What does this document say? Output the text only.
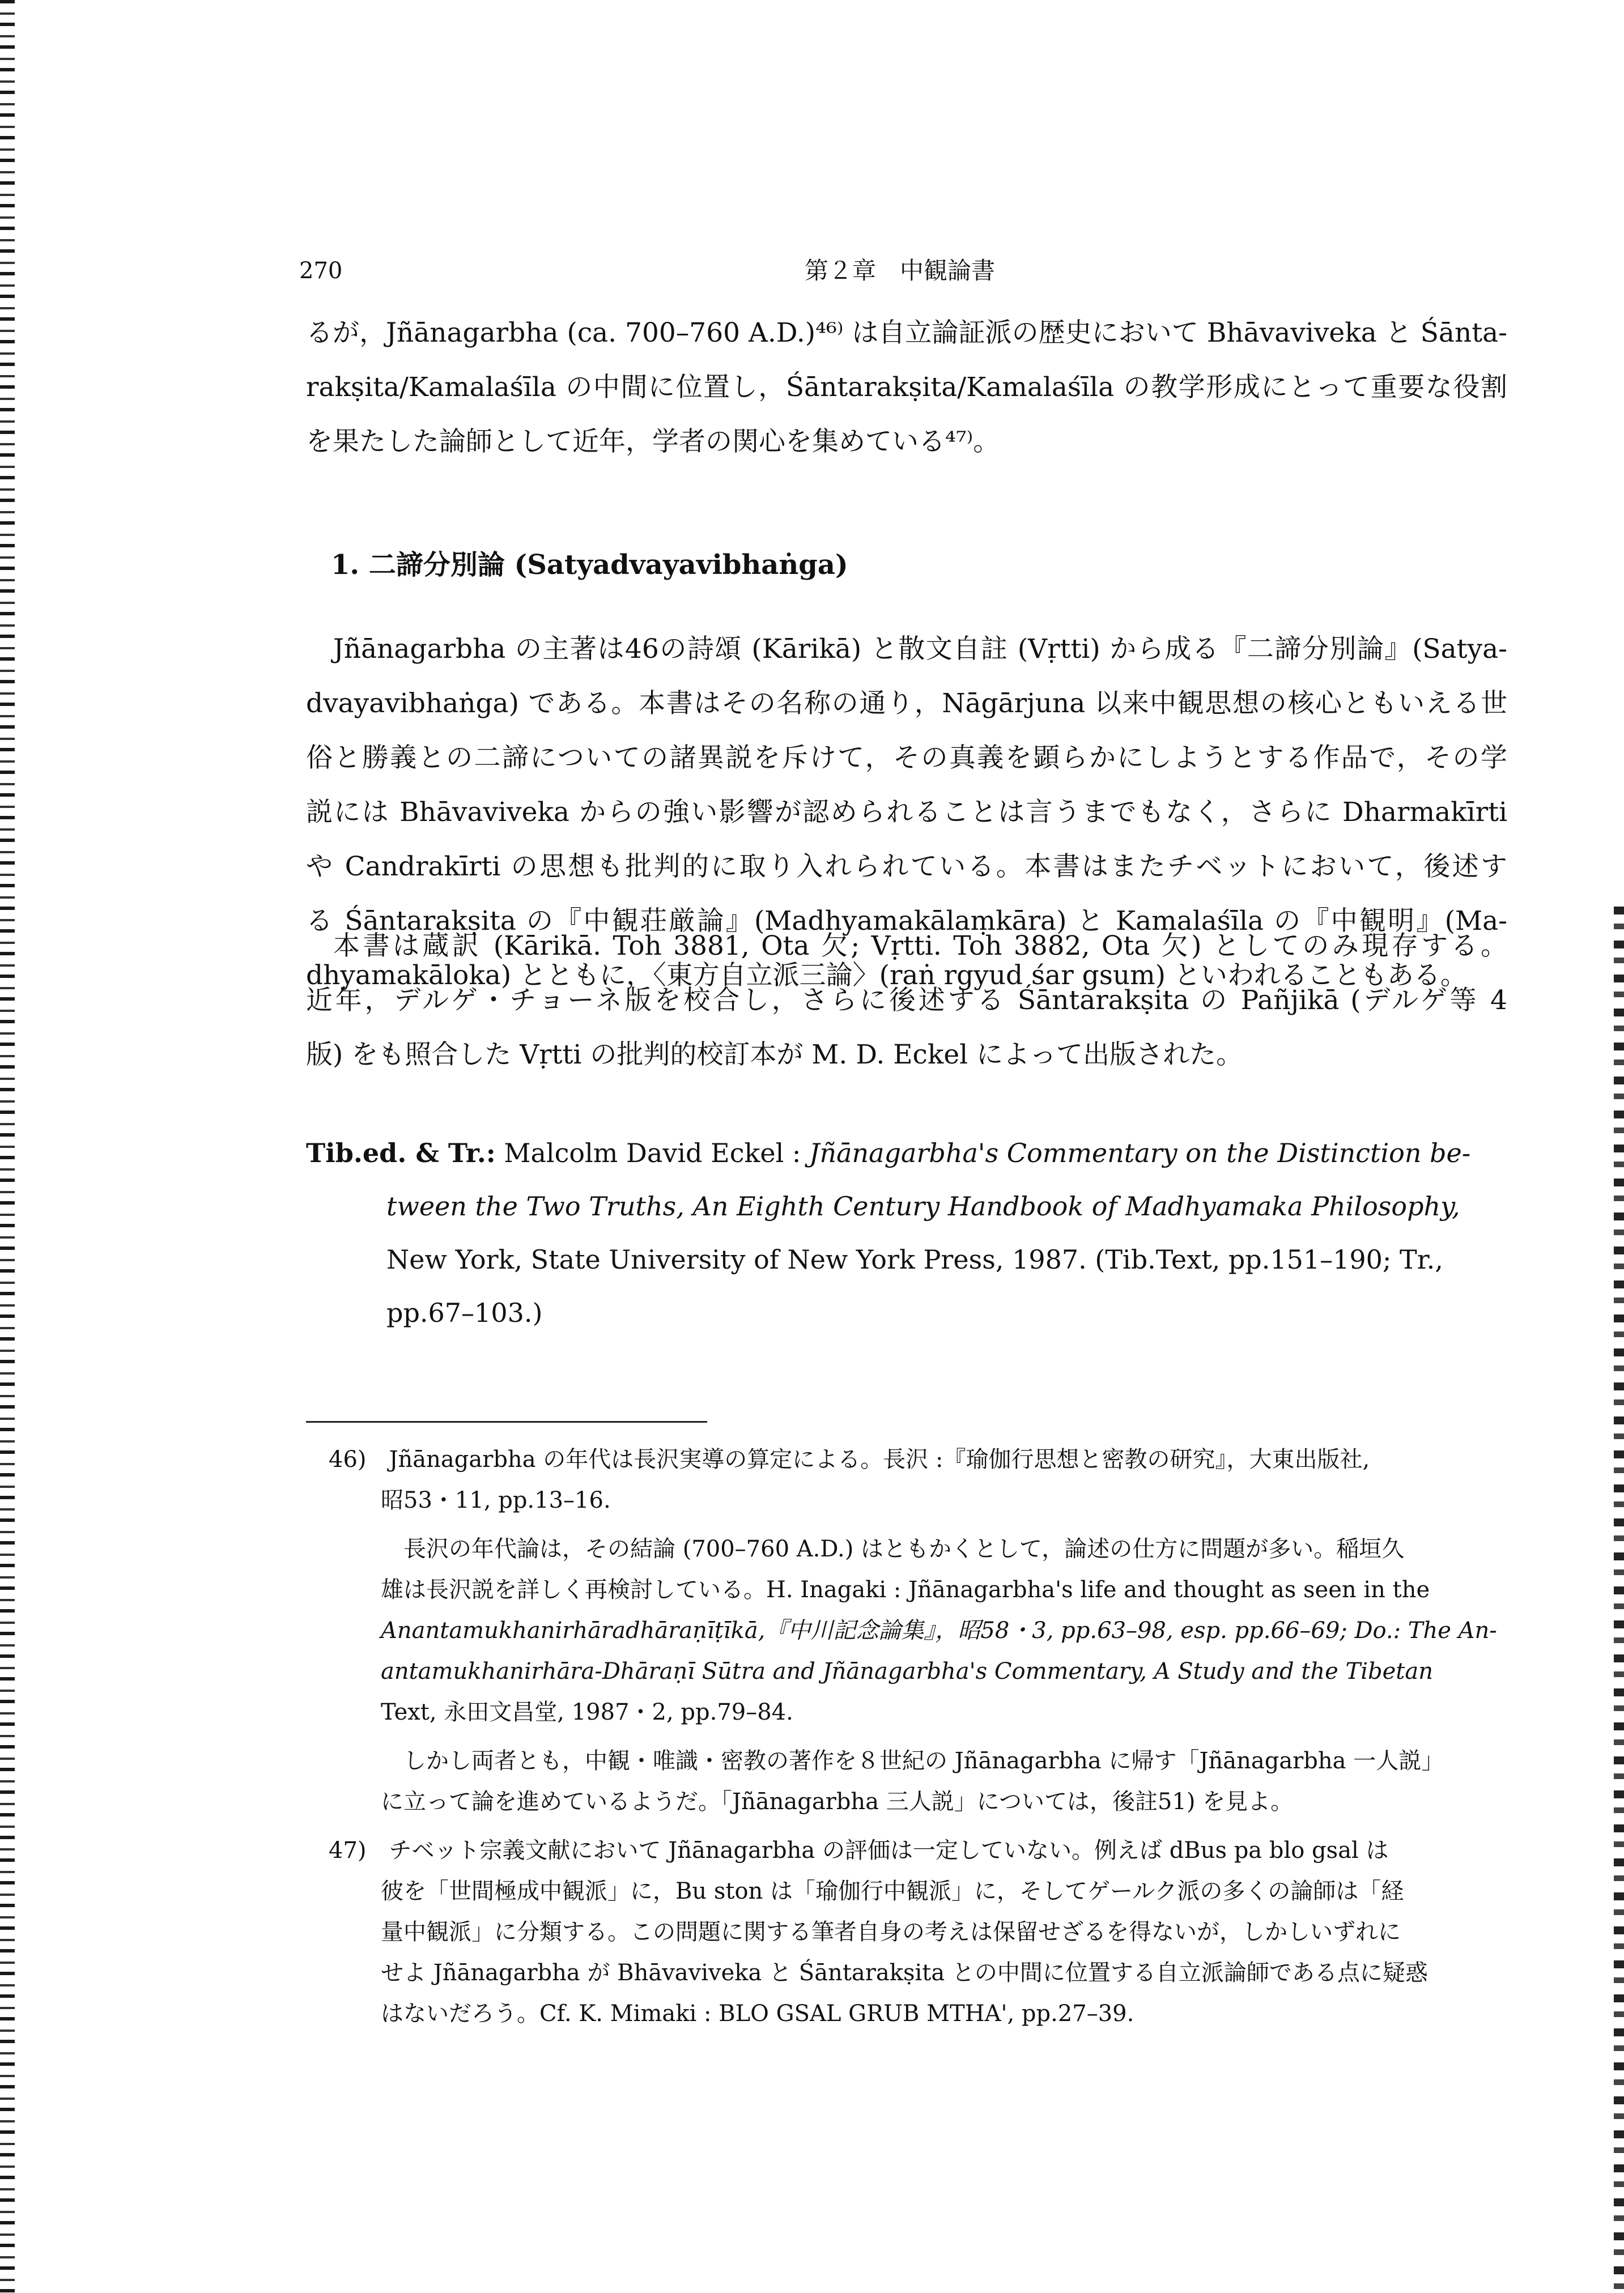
270	第２章　中観論書
るが，Jñānagarbha (ca. 700–760 A.D.)⁴⁶⁾ は自立論証派の歴史において Bhāvaviveka と Śānta-
rakṣita/Kamalaśīla の中間に位置し，Śāntarakṣita/Kamalaśīla の教学形成にとって重要な役割
を果たした論師として近年，学者の関心を集めている⁴⁷⁾。
1. 二諦分別論 (Satyadvayavibhaṅga)
Jñānagarbha の主著は46の詩頌 (Kārikā) と散文自註 (Vṛtti) から成る『二諦分別論』(Satya-
dvayavibhaṅga) である。本書はその名称の通り，Nāgārjuna 以来中観思想の核心ともいえる世
俗と勝義との二諦についての諸異説を斥けて，その真義を顕らかにしようとする作品で，その学
説には Bhāvaviveka からの強い影響が認められることは言うまでもなく，さらに Dharmakīrti
や Candrakīrti の思想も批判的に取り入れられている。本書はまたチベットにおいて，後述す
る Śāntarakṣita の『中観荘厳論』(Madhyamakālaṃkāra) と Kamalaśīla の『中観明』(Ma-
dhyamakāloka) とともに，〈東方自立派三論〉(raṅ rgyud śar gsum) といわれることもある。
本書は蔵訳 (Kārikā. Toh 3881, Ota 欠; Vṛtti. Toh 3882, Ota 欠) としてのみ現存する。
近年，デルゲ・チョーネ版を校合し，さらに後述する Śāntarakṣita の Pañjikā (デルゲ等 4
版) をも照合した Vṛtti の批判的校訂本が M. D. Eckel によって出版された。
Tib.ed. & Tr.: Malcolm David Eckel : Jñānagarbha's Commentary on the Distinction be-
tween the Two Truths, An Eighth Century Handbook of Madhyamaka Philosophy,
New York, State University of New York Press, 1987. (Tib.Text, pp.151–190; Tr.,
pp.67–103.)
46)　Jñānagarbha の年代は長沢実導の算定による。長沢 :『瑜伽行思想と密教の研究』，大東出版社,
昭53・11, pp.13–16.
長沢の年代論は，その結論 (700–760 A.D.) はともかくとして，論述の仕方に問題が多い。稲垣久
雄は長沢説を詳しく再検討している。H. Inagaki : Jñānagarbha's life and thought as seen in the
Anantamukhanirhāradhāraṇīṭīkā,『中川記念論集』，昭58・3, pp.63–98, esp. pp.66–69; Do.: The An-
antamukhanirhāra-Dhāraṇī Sūtra and Jñānagarbha's Commentary, A Study and the Tibetan
Text, 永田文昌堂, 1987・2, pp.79–84.
しかし両者とも，中観・唯識・密教の著作を８世紀の Jñānagarbha に帰す「Jñānagarbha 一人説」
に立って論を進めているようだ。「Jñānagarbha 三人説」については，後註51) を見よ。
47)　チベット宗義文献において Jñānagarbha の評価は一定していない。例えば dBus pa blo gsal は
彼を「世間極成中観派」に，Bu ston は「瑜伽行中観派」に，そしてゲールク派の多くの論師は「経
量中観派」に分類する。この問題に関する筆者自身の考えは保留せざるを得ないが，しかしいずれに
せよ Jñānagarbha が Bhāvaviveka と Śāntarakṣita との中間に位置する自立派論師である点に疑惑
はないだろう。Cf. K. Mimaki : BLO GSAL GRUB MTHA', pp.27–39.
